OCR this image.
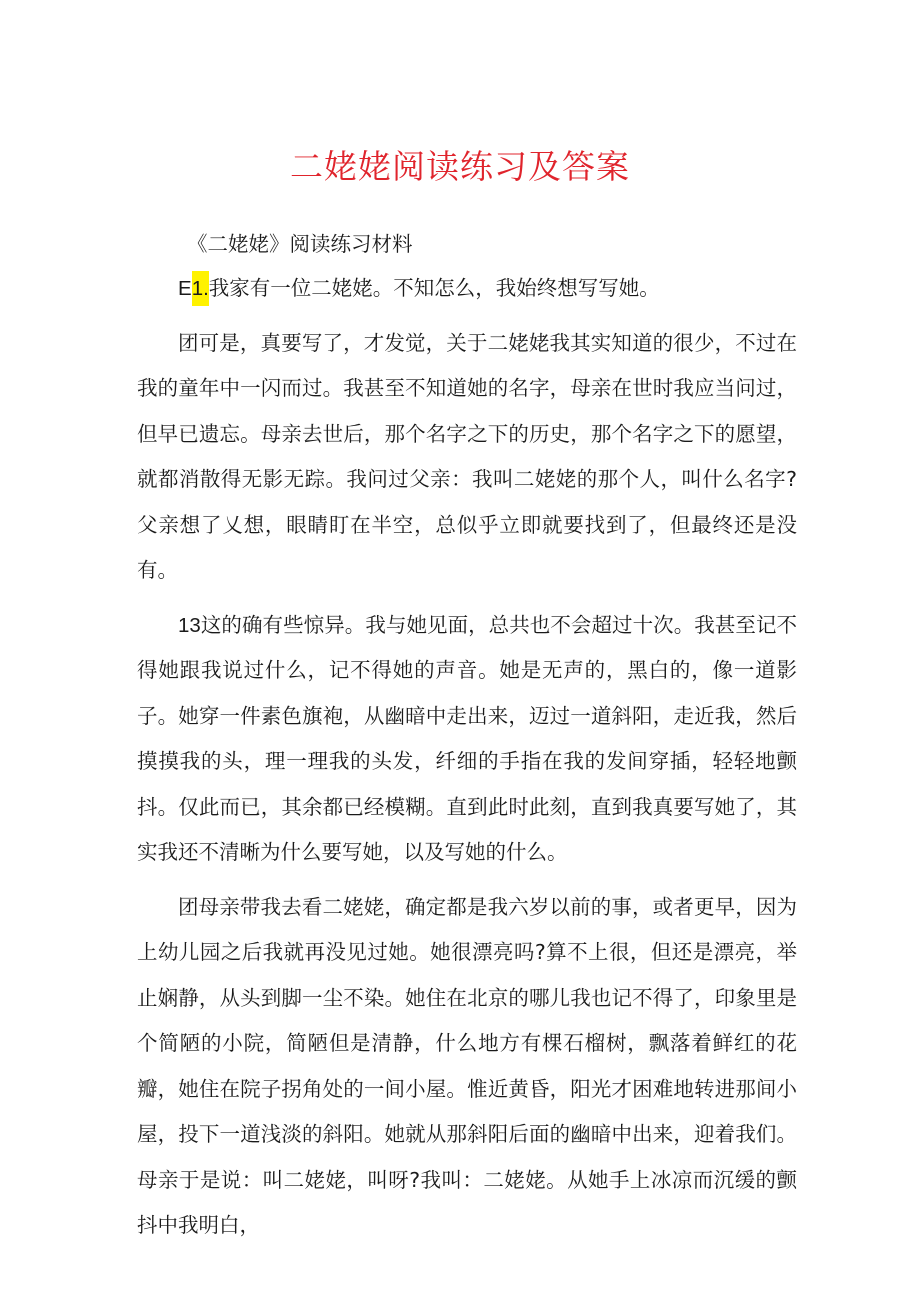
二姥姥阅读练习及答案
《二姥姥》阅读练习材料

E1.我家有一位二姥姥。不知怎么，我始终想写写她。

团可是，真要写了，才发觉，关于二姥姥我其实知道的很少，不过在我的童年中一闪而过。我甚至不知道她的名字，母亲在世时我应当问过，但早已遗忘。母亲去世后，那个名字之下的历史，那个名字之下的愿望，就都消散得无影无踪。我问过父亲：我叫二姥姥的那个人，叫什么名字?父亲想了乂想，眼睛盯在半空，总似乎立即就要找到了，但最终还是没有。

13这的确有些惊异。我与她见面，总共也不会超过十次。我甚至记不得她跟我说过什么，记不得她的声音。她是无声的，黑白的，像一道影子。她穿一件素色旗袍，从幽暗中走出来，迈过一道斜阳，走近我，然后摸摸我的头，理一理我的头发，纤细的手指在我的发间穿插，轻轻地颤抖。仅此而已，其余都已经模糊。直到此时此刻，直到我真要写她了，其实我还不清晰为什么要写她，以及写她的什么。

团母亲带我去看二姥姥，确定都是我六岁以前的事，或者更早，因为上幼儿园之后我就再没见过她。她很漂亮吗?算不上很，但还是漂亮，举止娴静，从头到脚一尘不染。她住在北京的哪儿我也记不得了，印象里是个简陋的小院，简陋但是清静，什么地方有棵石榴树，飘落着鲜红的花瓣，她住在院子拐角处的一间小屋。惟近黄昏，阳光才困难地转进那间小屋，投下一道浅淡的斜阳。她就从那斜阳后面的幽暗中出来，迎着我们。母亲于是说：叫二姥姥，叫呀?我叫：二姥姥。从她手上冰凉而沉缓的颤抖中我明白，
